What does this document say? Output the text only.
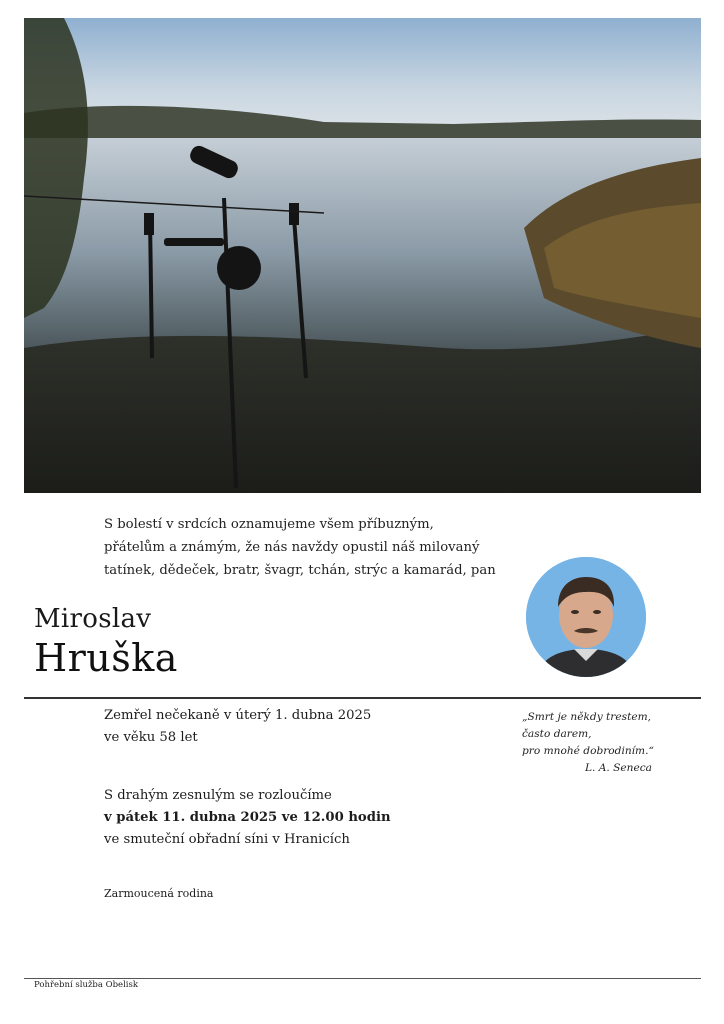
S bolestí v srdcích oznamujeme všem příbuzným,
přátelům a známým, že nás navždy opustil náš milovaný
tatínek, dědeček, bratr, švagr, tchán, strýc a kamarád, pan
Miroslav
Hruška
Zemřel nečekaně v úterý 1. dubna 2025
ve věku 58 let
„Smrt je někdy trestem,
často darem,
pro mnohé dobrodiním.“
L. A. Seneca
S drahým zesnulým se rozloučíme
v pátek 11. dubna 2025 ve 12.00 hodin
ve smuteční obřadní síni v Hranicích
Zarmoucená rodina
Pohřební služba Obelisk
